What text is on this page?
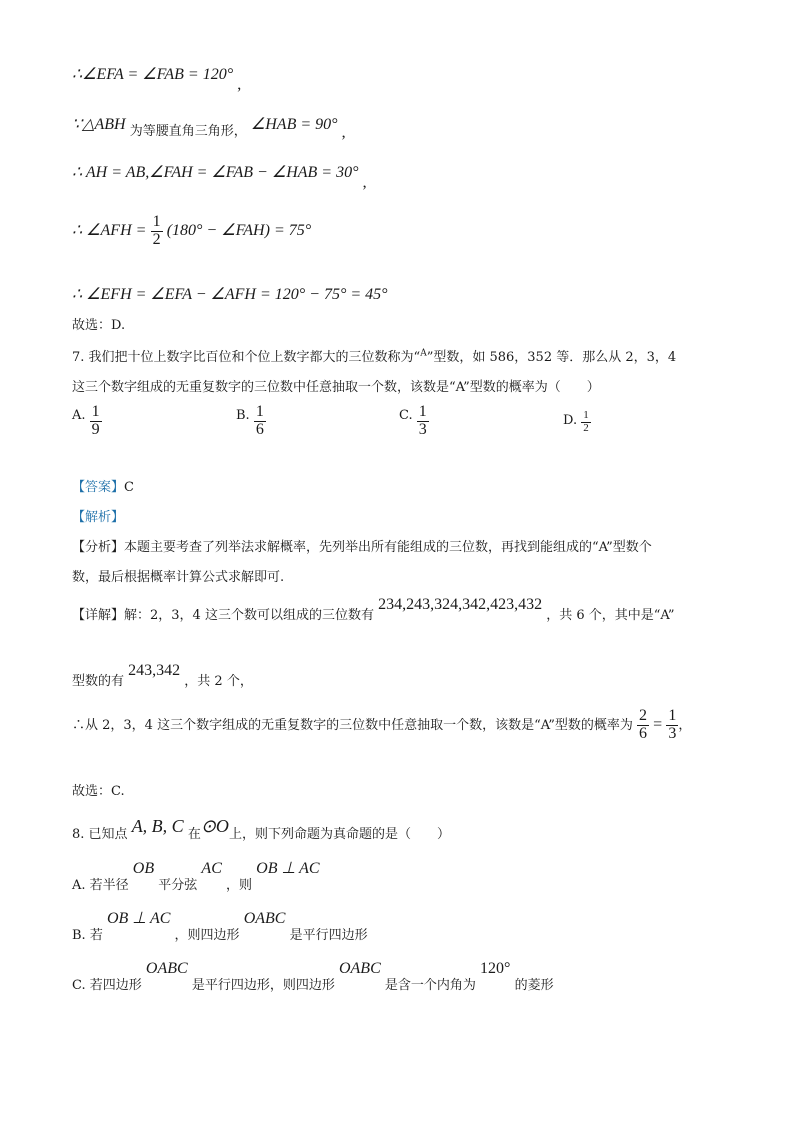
∴∠EFA = ∠FAB = 120° ,
∵△ABH 为等腰直角三角形， ∠HAB = 90° ,
∴ AH = AB,∠FAH = ∠FAB − ∠HAB = 30° ,
∴ ∠AFH = $\frac{1}{2} (180^\circ$ − ∠FAH) = 75°
∴ ∠EFH = ∠EFA − ∠AFH = 120° − 75° = 45°
故选：D.
7. 我们把十位上数字比百位和个位上数字都大的三位数称为“$^A$”型数，如 586，352 等．那么从 2，3，4
这三个数字组成的无重复数字的三位数中任意抽取一个数，该数是“A”型数的概率为（　　）
A. $\frac{1}{9}$	B. $\frac{1}{6}$	C. $\frac{1}{3}$	D. $\frac{1}{2}$
【答案】C
【解析】
【分析】本题主要考查了列举法求解概率，先列举出所有能组成的三位数，再找到能组成的“A”型数个
数，最后根据概率计算公式求解即可.
【详解】解：2，3，4 这三个数可以组成的三位数有 234,243,324,342,423,432 ，共 6 个，其中是“A”
型数的有 243,342 ，共 2 个，
∴从 2，3，4 这三个数字组成的无重复数字的三位数中任意抽取一个数，该数是“A”型数的概率为 $\frac{2}{6} = \frac{1}{3}$ ，
故选：C.
8. 已知点 A, B, C 在⊙O上，则下列命题为真命题的是（　　）
A. 若半径 OB 平分弦 AC ，则 OB ⊥ AC
B. 若 OB ⊥ AC ，则四边形 OABC 是平行四边形
C. 若四边形 OABC 是平行四边形，则四边形 OABC 是含一个内角为 120° 的菱形
